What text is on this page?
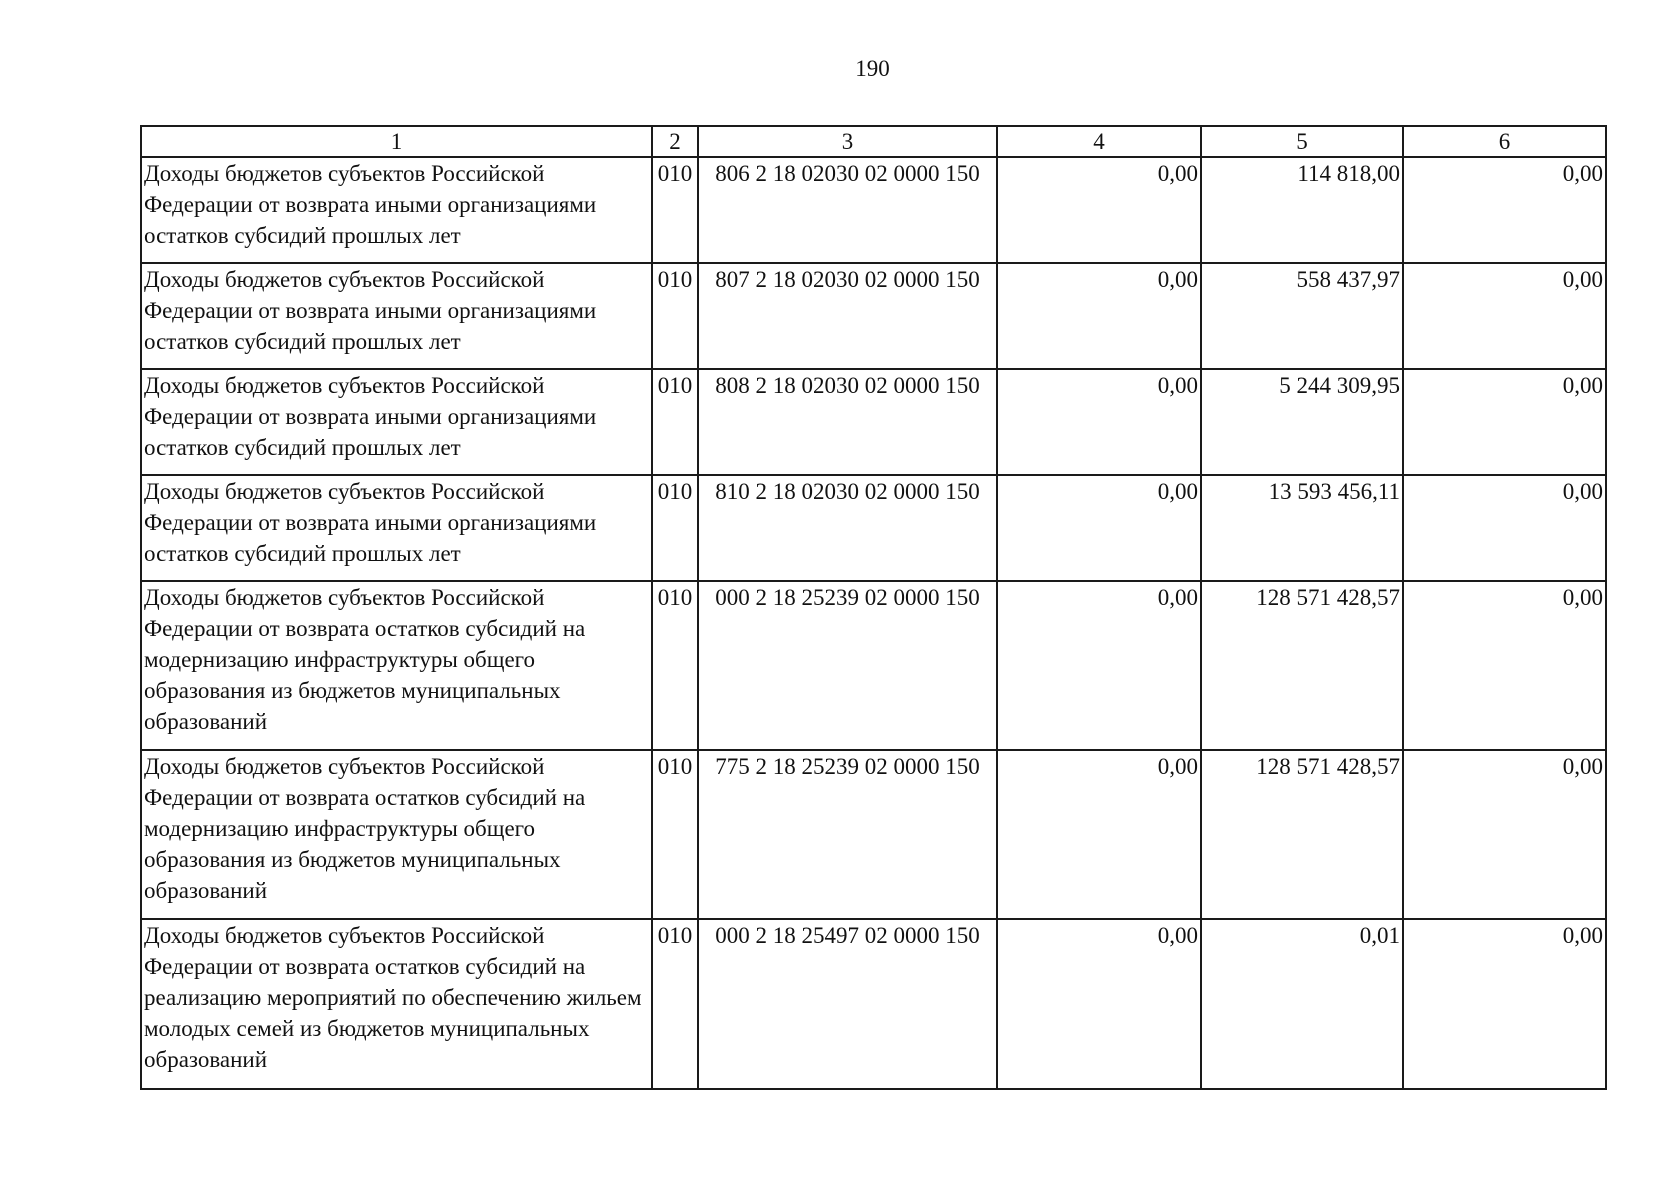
190
1	2	3	4	5	6
Доходы бюджетов субъектов Российской Федерации от возврата иными организациями остатков субсидий прошлых лет	010	806 2 18 02030 02 0000 150	0,00	114 818,00	0,00
Доходы бюджетов субъектов Российской Федерации от возврата иными организациями остатков субсидий прошлых лет	010	807 2 18 02030 02 0000 150	0,00	558 437,97	0,00
Доходы бюджетов субъектов Российской Федерации от возврата иными организациями остатков субсидий прошлых лет	010	808 2 18 02030 02 0000 150	0,00	5 244 309,95	0,00
Доходы бюджетов субъектов Российской Федерации от возврата иными организациями остатков субсидий прошлых лет	010	810 2 18 02030 02 0000 150	0,00	13 593 456,11	0,00
Доходы бюджетов субъектов Российской Федерации от возврата остатков субсидий на модернизацию инфраструктуры общего образования из бюджетов муниципальных образований	010	000 2 18 25239 02 0000 150	0,00	128 571 428,57	0,00
Доходы бюджетов субъектов Российской Федерации от возврата остатков субсидий на модернизацию инфраструктуры общего образования из бюджетов муниципальных образований	010	775 2 18 25239 02 0000 150	0,00	128 571 428,57	0,00
Доходы бюджетов субъектов Российской Федерации от возврата остатков субсидий на реализацию мероприятий по обеспечению жильем молодых семей из бюджетов муниципальных образований	010	000 2 18 25497 02 0000 150	0,00	0,01	0,00
